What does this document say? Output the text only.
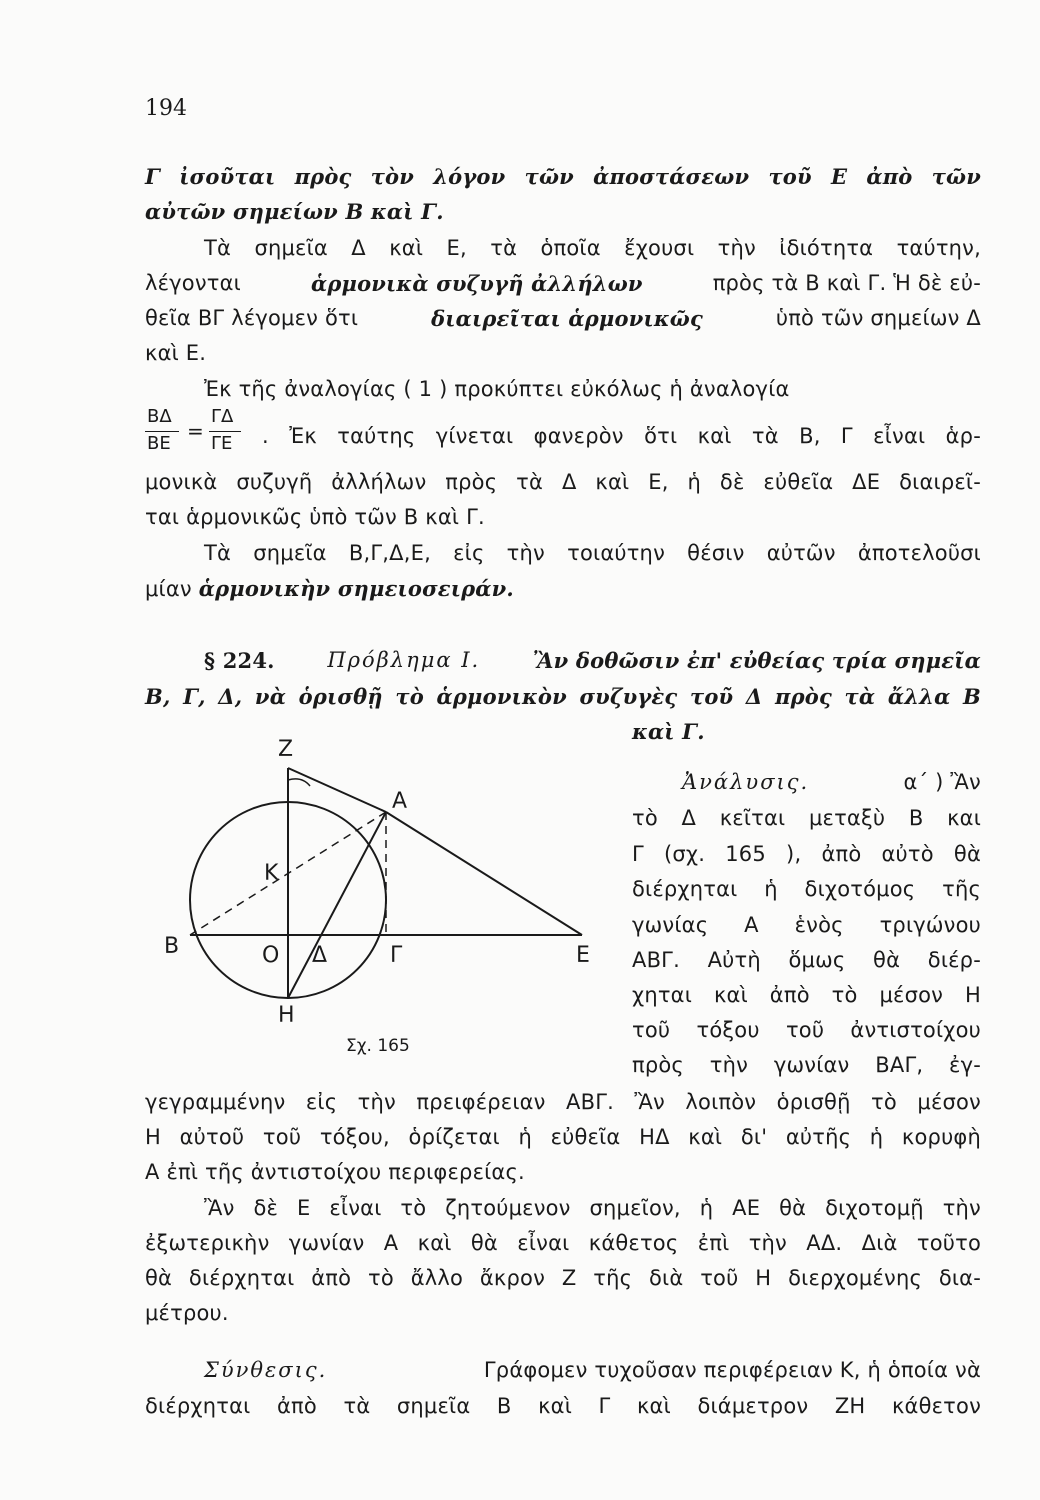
194
Γ ἰσοῦται πρὸς τὸν λόγον τῶν ἀποστάσεων τοῦ Ε ἀπὸ τῶν
αὐτῶν σημείων Β καὶ Γ.
Τὰ σημεῖα Δ καὶ Ε, τὰ ὁποῖα ἔχουσι τὴν ἰδιότητα ταύτην,
λέγονται	ἁρμονικὰ συζυγῆ ἀλλήλων	πρὸς τὰ Β καὶ Γ. Ἡ δὲ εὐ-
θεῖα ΒΓ λέγομεν ὅτι	διαιρεῖται ἁρμονικῶς	ὑπὸ τῶν σημείων Δ
καὶ Ε.
Ἐκ τῆς ἀναλογίας ( 1 ) προκύπτει εὐκόλως ἡ ἀναλογία
ΒΔ
ΒΕ
=
ΓΔ
ΓΕ . Ἐκ ταύτης γίνεται φανερὸν ὅτι καὶ τὰ Β, Γ εἶναι ἁρ-
μονικὰ συζυγῆ ἀλλήλων πρὸς τὰ Δ καὶ Ε, ἡ δὲ εὐθεῖα ΔΕ διαιρεῖ-
ται ἁρμονικῶς ὑπὸ τῶν Β καὶ Γ.
Τὰ σημεῖα Β,Γ,Δ,Ε, εἰς τὴν τοιαύτην θέσιν αὐτῶν ἀποτελοῦσι
μίαν ἁρμονικὴν σημειοσειράν.
§ 224.	Πρόβλημα Ι.	Ἂν δοθῶσιν ἐπ' εὐθείας τρία σημεῖα
Β, Γ, Δ, νὰ ὁρισθῇ τὸ ἁρμονικὸν συζυγὲς τοῦ Δ πρὸς τὰ ἄλλα Β
καὶ Γ.
Ἀνάλυσις.	α΄ ) Ἂν
τὸ Δ κεῖται μεταξὺ Β και
Γ (σχ. 165 ), ἀπὸ αὐτὸ θὰ
διέρχηται ἡ διχοτόμος τῆς
γωνίας Α ἑνὸς τριγώνου
ΑΒΓ. Αὐτὴ ὅμως θὰ διέρ-
χηται καὶ ἀπὸ τὸ μέσον Η
τοῦ τόξου τοῦ ἀντιστοίχου
πρὸς τὴν γωνίαν ΒΑΓ, ἐγ-
Ζ
Α
Κ
Β	Ο Δ	Γ	Ε
Η
Σχ. 165
γεγραμμένην εἰς τὴν πρειφέρειαν ΑΒΓ. Ἂν λοιπὸν ὁρισθῇ τὸ μέσον
Η αὐτοῦ τοῦ τόξου, ὁρίζεται ἡ εὐθεῖα ΗΔ καὶ δι' αὐτῆς ἡ κορυφὴ
Α ἐπὶ τῆς ἀντιστοίχου περιφερείας.
Ἂν δὲ Ε εἶναι τὸ ζητούμενον σημεῖον, ἡ ΑΕ θὰ διχοτομῇ τὴν
ἐξωτερικὴν γωνίαν Α καὶ θὰ εἶναι κάθετος ἐπὶ τὴν ΑΔ. Διὰ τοῦτο
θὰ διέρχηται ἀπὸ τὸ ἄλλο ἄκρον Ζ τῆς διὰ τοῦ Η διερχομένης δια-
μέτρου.
Σύνθεσις.	Γράφομεν τυχοῦσαν περιφέρειαν Κ, ἡ ὁποία νὰ
διέρχηται ἀπὸ τὰ σημεῖα Β καὶ Γ καὶ διάμετρον ΖΗ κάθετον
